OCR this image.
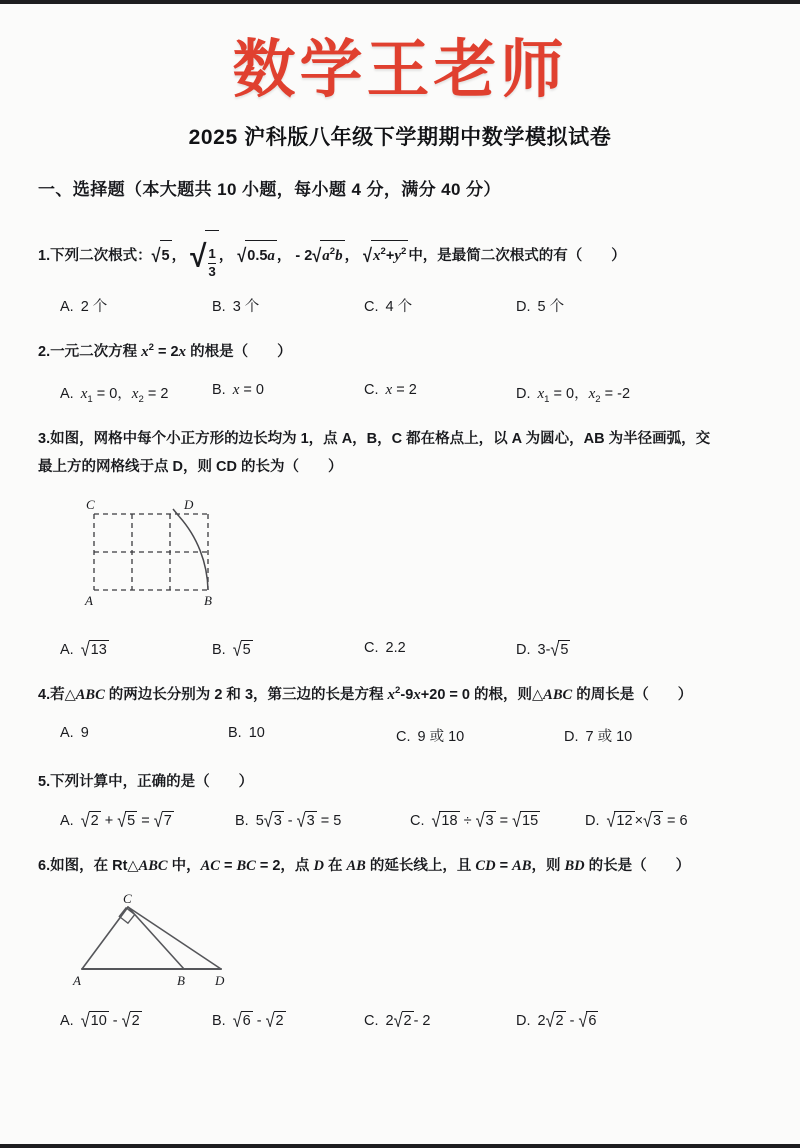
数学王老师
2025 沪科版八年级下学期期中数学模拟试卷
一、选择题（本大题共 10 小题，每小题 4 分，满分 40 分）
1.下列二次根式：√5 ， √ $\frac{1}{3}$ ， √0.5a ， - $2√a^2b$ ， $√x^2+y^2$ 中，是最简二次根式的有（　　）
A. 2 个	B. 3 个	C. 4 个	D. 5 个
2.一元二次方程 $x^2 = 2x$ 的根是（　　）
A. $x_1 = 0$，$x_2 = 2$	B. x = 0	C. x = 2	D. $x_1 = 0$，$x_2 = -2$
3.如图，网格中每个小正方形的边长均为 1，点 A，B，C 都在格点上，以 A 为圆心，AB 为半径画弧，交
最上方的网格线于点 D，则 CD 的长为（　　）
A	B
C	D
A. √13	B. √5	C. 2.2	D. 3-√5
4.若△ABC 的两边长分别为 2 和 3，第三边的长是方程 $x^2-9x+20 = 0$ 的根，则△ABC 的周长是（　　）
A. 9	B. 10	C. 9 或 10	D. 7 或 10
5.下列计算中，正确的是（　　）
A. √2 + √5 = √7	B. 5√3 - √3 = 5	C. √18 ÷ √3 = √15	D. √12 ×√3 = 6
6.如图，在 Rt△ABC 中，AC = BC = 2，点 D 在 AB 的延长线上，且 CD = AB，则 BD 的长是（　　）
A	B D
C
A. √10 - √2	B. √6 - √2	C. 2√2 - 2	D. 2√2 - √6
